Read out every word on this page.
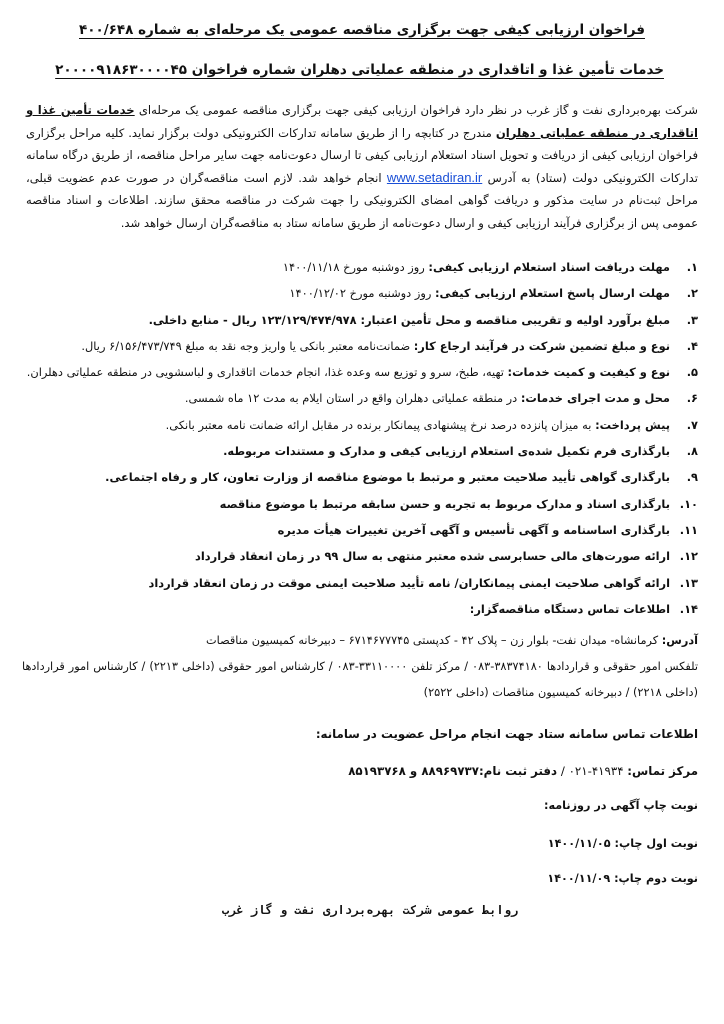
فراخوان ارزیابی کیفی جهت برگزاری مناقصه عمومی یک مرحله‌ای به شماره ۴۰۰/۶۴۸
خدمات تأمین غذا و اتاقداری در منطقه عملیاتی دهلران شماره فراخوان ۲۰۰۰۰۹۱۸۶۳۰۰۰۰۴۵
شرکت بهره‌برداری نفت و گاز غرب در نظر دارد فراخوان ارزیابی کیفی جهت برگزاری مناقصه عمومی یک مرحله‌ای خدمات تأمین غذا و اتاقداری در منطقه عملیاتی دهلران مندرج در کتابچه را از طریق سامانه تدارکات الکترونیکی دولت برگزار نماید. کلیه مراحل برگزاری فراخوان ارزیابی کیفی از دریافت و تحویل اسناد استعلام ارزیابی کیفی تا ارسال دعوت‌نامه جهت سایر مراحل مناقصه، از طریق درگاه سامانه تدارکات الکترونیکی دولت (ستاد) به آدرس www.setadiran.ir انجام خواهد شد. لازم است مناقصه‌گران در صورت عدم عضویت قبلی، مراحل ثبت‌نام در سایت مذکور و دریافت گواهی امضای الکترونیکی را جهت شرکت در مناقصه محقق سازند. اطلاعات و اسناد مناقصه عمومی پس از برگزاری فرآیند ارزیابی کیفی و ارسال دعوت‌نامه از طریق سامانه ستاد به مناقصه‌گران ارسال خواهد شد.
۱.
مهلت دریافت اسناد استعلام ارزیابی کیفی: روز دوشنبه مورخ ۱۴۰۰/۱۱/۱۸
۲.
مهلت ارسال پاسخ استعلام ارزیابی کیفی: روز دوشنبه مورخ ۱۴۰۰/۱۲/۰۲
۳.
مبلغ برآورد اولیه و تقریبی مناقصه و محل تأمین اعتبار: ۱۲۳/۱۲۹/۴۷۴/۹۷۸ ریال - منابع داخلی.
۴.
نوع و مبلغ تضمین شرکت در فرآیند ارجاع کار: ضمانت‌نامه معتبر بانکی یا واریز وجه نقد به مبلغ ۶/۱۵۶/۴۷۳/۷۴۹ ریال.
۵.
نوع و کیفیت و کمیت خدمات: تهیه، طبخ، سرو و توزیع سه وعده غذا، انجام خدمات اتاقداری و لباسشویی در منطقه عملیاتی دهلران.
۶.
محل و مدت اجرای خدمات: در منطقه عملیاتی دهلران واقع در استان ایلام به مدت ۱۲ ماه شمسی.
۷.
پیش پرداخت: به میزان پانزده درصد نرخ پیشنهادی پیمانکار برنده در مقابل ارائه ضمانت نامه معتبر بانکی.
۸.
بارگذاری فرم تکمیل شده‌ی استعلام ارزیابی کیفی و مدارک و مستندات مربوطه.
۹.
بارگذاری گواهی تأیید صلاحیت معتبر و مرتبط با موضوع مناقصه از وزارت تعاون، کار و رفاه اجتماعی.
۱۰.
بارگذاری اسناد و مدارک مربوط به تجربه و حسن سابقه مرتبط با موضوع مناقصه
۱۱.
بارگذاری اساسنامه و آگهی تأسیس و آگهی آخرین تغییرات هیأت مدیره
۱۲.
ارائه صورت‌های مالی حسابرسی شده معتبر منتهی به سال ۹۹ در زمان انعقاد قرارداد
۱۳.
ارائه گواهی صلاحیت ایمنی پیمانکاران/ نامه تأیید صلاحیت ایمنی موقت در زمان انعقاد قرارداد
۱۴.
اطلاعات تماس دستگاه مناقصه‌گزار:
آدرس: کرمانشاه- میدان نفت- بلوار زن – پلاک ۴۲ - کدپستی ۶۷۱۴۶۷۷۷۴۵ – دبیرخانه کمیسیون مناقصات
تلفکس امور حقوقی و قراردادها ۳۸۳۷۴۱۸۰-۰۸۳ / مرکز تلفن ۳۳۱۱۰۰۰۰-۰۸۳ / کارشناس امور حقوقی (داخلی ۲۲۱۳) / کارشناس امور قراردادها (داخلی ۲۲۱۸) / دبیرخانه کمیسیون مناقصات (داخلی ۲۵۲۲)
اطلاعات تماس سامانه ستاد جهت انجام مراحل عضویت در سامانه:
مرکز تماس: ۴۱۹۳۴-۰۲۱ / دفتر ثبت نام:۸۸۹۶۹۷۳۷ و ۸۵۱۹۳۷۶۸
نوبت چاپ آگهی در روزنامه:
نوبت اول چاپ: ۱۴۰۰/۱۱/۰۵
نوبت دوم چاپ: ۱۴۰۰/۱۱/۰۹
روابط عمومی شرکت بهره‌برداری نفت و گاز غرب
